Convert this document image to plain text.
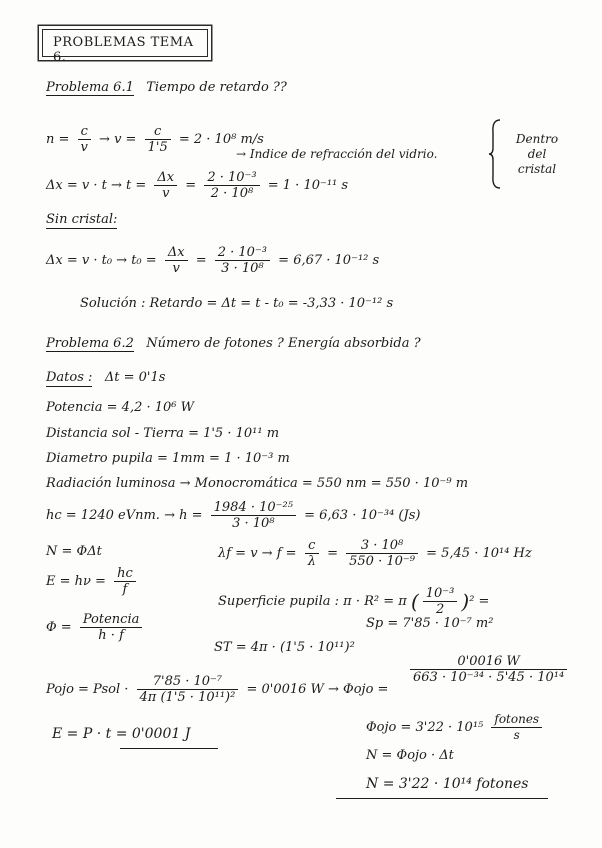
PROBLEMAS TEMA 6.
Problema 6.1 Tiempo de retardo ??
$n = \frac{c}{v} \to v = \frac{c}{1'5} = 2 \cdot 10^8$ m/s
→ Indice de refracción del vidrio.
$\Delta x = v \cdot t \to t = \frac{\Delta x}{v} = \frac{\text{2 · 10⁻³}}{\text{2 · 10⁸}} = 1 \cdot 10^{-11}$ s
Dentro
del
cristal
Sin cristal:
$\Delta x = v \cdot t_0 \to t_0 = \frac{\Delta x}{v} = \frac{\text{2 · 10⁻³}}{\text{3 · 10⁸}} = 6,67 \cdot 10^{-12}$ s
Solución : Retardo = Δt = t - t₀ = -3,33 · 10⁻¹² s
Problema 6.2 Número de fotones ? Energía absorbida ?
Datos : Δt = 0'1s
Potencia = 4,2 · 10⁶ W
Distancia sol - Tierra = 1'5 · 10¹¹ m
Diametro pupila = 1mm = 1 · 10⁻³ m
Radiación luminosa → Monocromática = 550 nm = 550 · 10⁻⁹ m
hc = 1240 eVnm. → $h = \frac{\text{1984 · 10⁻²⁵}}{\text{3 · 10⁸}} = 6,63 \cdot 10^{-34}$ (Js)
N = ΦΔt
$E = h\nu = \frac{hc}{f}$
$\Phi = \frac{\text{Potencia}}{h \cdot f}$
$\lambda f = v \to f = \frac{c}{\lambda} = \frac{\text{3 · 10⁸}}{\text{550 · 10⁻⁹}} = 5,45 \cdot 10^{14}$ Hz
Superficie pupila : π · R² = π ( $\frac{\text{10⁻³}}{2} )^2$ =
Sp = 7'85 · 10⁻⁷ m²
ST = 4π · (1'5 · 10¹¹)²
Pojo = Psol · $\frac{\text{7'85 · 10⁻⁷}}{\text{4π (1'5 · 10¹¹)²}} = 0'0016$ W → Φojo =
$\frac{0'0016 W}{\text{663 · 10⁻³⁴ · 5'45 · 10¹⁴}}$
$\Phi ojo = 3'22 \cdot 10^{15} \frac{\text{fotones}}{s}$
E = P · t = 0'0001 J
N = Φojo · Δt
N = 3'22 · 10¹⁴ fotones
